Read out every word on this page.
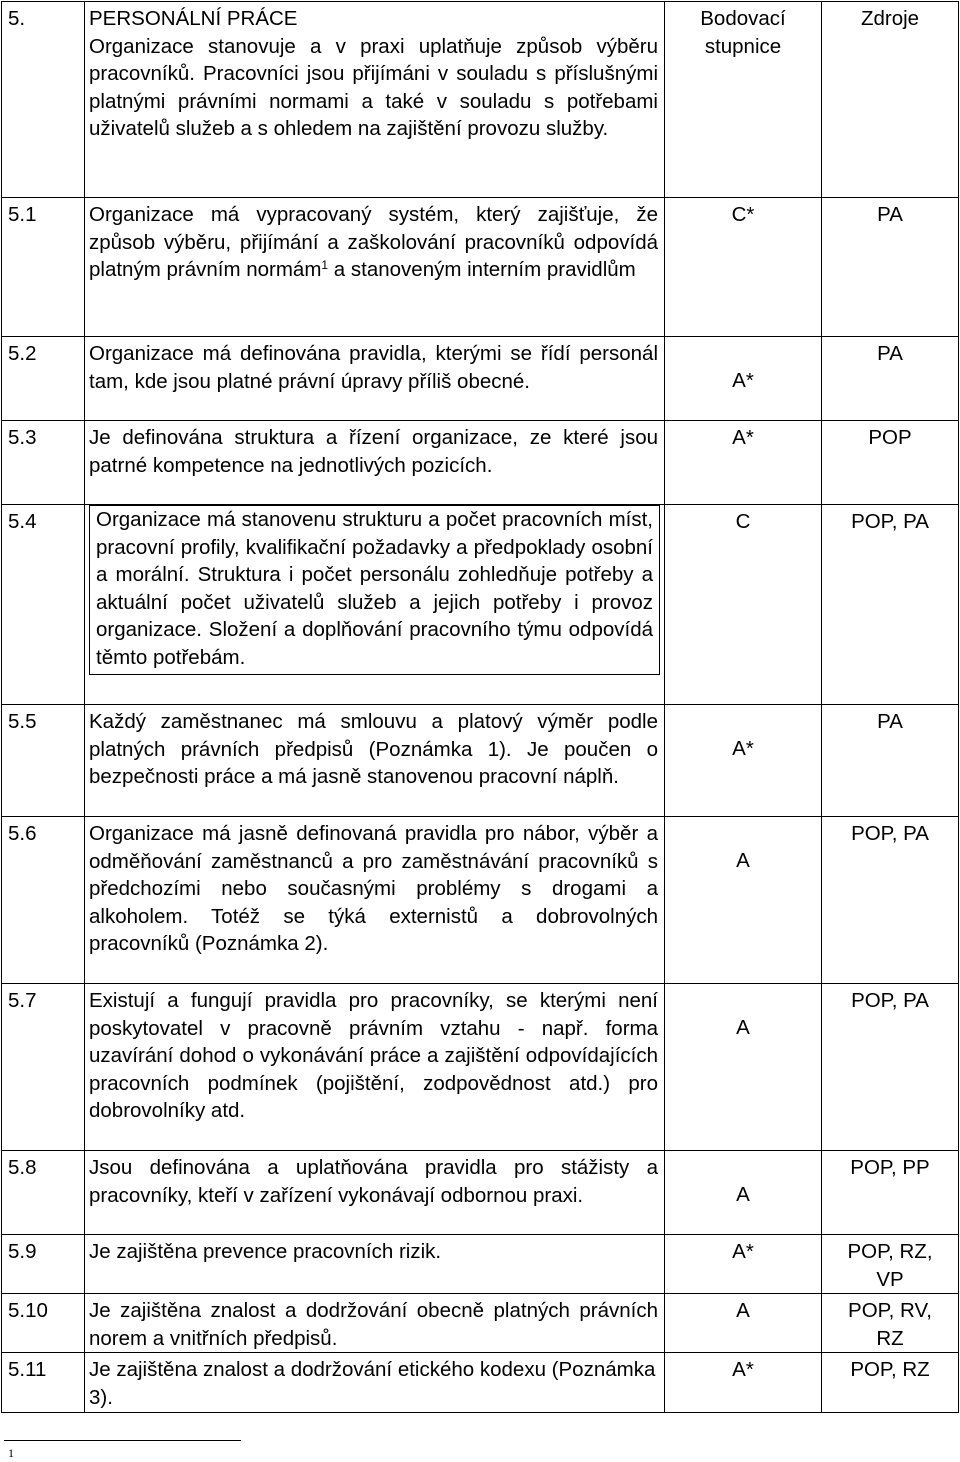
5.	PERSONÁLNÍ PRÁCE
Organizace stanovuje a v praxi uplatňuje způsob výběru pracovníků. Pracovníci jsou přijímáni v souladu s příslušnými platnými právními normami a také v souladu s potřebami uživatelů služeb a s ohledem na zajištění provozu služby.	Bodovací stupnice	Zdroje

5.1	Organizace má vypracovaný systém, který zajišťuje, že způsob výběru, přijímání a zaškolování pracovníků odpovídá platným právním normám$^1$ a stanoveným interním pravidlům	C*	PA

5.2	Organizace má definována pravidla, kterými se řídí personál tam, kde jsou platné právní úpravy příliš obecné.	A*	PA

5.3	Je definována struktura a řízení organizace, ze které jsou patrné kompetence na jednotlivých pozicích.	A*	POP

5.4	Organizace má stanovenu strukturu a počet pracovních míst, pracovní profily, kvalifikační požadavky a předpoklady osobní a morální. Struktura i počet personálu zohledňuje potřeby a aktuální počet uživatelů služeb a jejich potřeby i provoz organizace. Složení a doplňování pracovního týmu odpovídá těmto potřebám.	C	POP, PA

5.5	Každý zaměstnanec má smlouvu a platový výměr podle platných právních předpisů (Poznámka 1). Je poučen o bezpečnosti práce a má jasně stanovenou pracovní náplň.	A*	PA

5.6	Organizace má jasně definovaná pravidla pro nábor, výběr a odměňování zaměstnanců a pro zaměstnávání pracovníků s předchozími nebo současnými problémy s drogami a alkoholem. Totéž se týká externistů a dobrovolných pracovníků (Poznámka 2).	A	POP, PA

5.7	Existují a fungují pravidla pro pracovníky, se kterými není poskytovatel v pracovně právním vztahu - např. forma uzavírání dohod o vykonávání práce a zajištění odpovídajících pracovních podmínek (pojištění, zodpovědnost atd.) pro dobrovolníky atd.	A	POP, PA

5.8	Jsou definována a uplatňována pravidla pro stážisty a pracovníky, kteří v zařízení vykonávají odbornou praxi.	A	POP, PP

5.9	Je zajištěna prevence pracovních rizik.	A*	POP, RZ, VP

5.10	Je zajištěna znalost a dodržování obecně platných právních norem a vnitřních předpisů.	A	POP, RV, RZ

5.11	Je zajištěna znalost a dodržování etického kodexu (Poznámka 3).	A*	POP, RZ
1
